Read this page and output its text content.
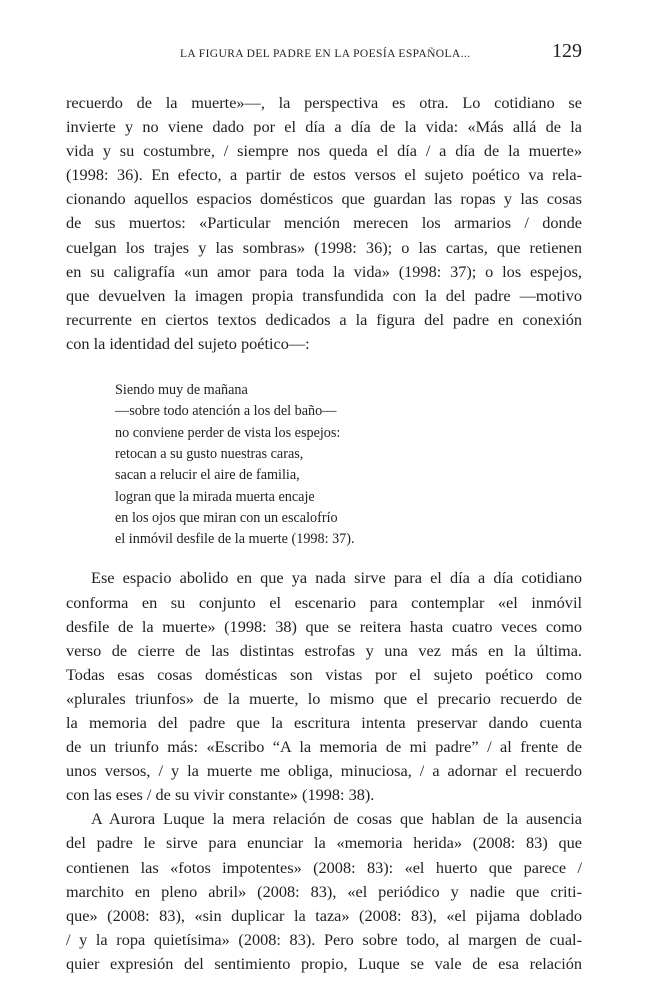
LA FIGURA DEL PADRE EN LA POESÍA ESPAÑOLA...	129
recuerdo de la muerte»—, la perspectiva es otra. Lo cotidiano se
invierte y no viene dado por el día a día de la vida: «Más allá de la
vida y su costumbre, / siempre nos queda el día / a día de la muerte»
(1998: 36). En efecto, a partir de estos versos el sujeto poético va rela-
cionando aquellos espacios domésticos que guardan las ropas y las cosas
de sus muertos: «Particular mención merecen los armarios / donde
cuelgan los trajes y las sombras» (1998: 36); o las cartas, que retienen
en su caligrafía «un amor para toda la vida» (1998: 37); o los espejos,
que devuelven la imagen propia transfundida con la del padre —motivo
recurrente en ciertos textos dedicados a la figura del padre en conexión
con la identidad del sujeto poético—:
Siendo muy de mañana
—sobre todo atención a los del baño—
no conviene perder de vista los espejos:
retocan a su gusto nuestras caras,
sacan a relucir el aire de familia,
logran que la mirada muerta encaje
en los ojos que miran con un escalofrío
el inmóvil desfile de la muerte (1998: 37).
Ese espacio abolido en que ya nada sirve para el día a día cotidiano
conforma en su conjunto el escenario para contemplar «el inmóvil
desfile de la muerte» (1998: 38) que se reitera hasta cuatro veces como
verso de cierre de las distintas estrofas y una vez más en la última.
Todas esas cosas domésticas son vistas por el sujeto poético como
«plurales triunfos» de la muerte, lo mismo que el precario recuerdo de
la memoria del padre que la escritura intenta preservar dando cuenta
de un triunfo más: «Escribo “A la memoria de mi padre” / al frente de
unos versos, / y la muerte me obliga, minuciosa, / a adornar el recuerdo
con las eses / de su vivir constante» (1998: 38).
A Aurora Luque la mera relación de cosas que hablan de la ausencia
del padre le sirve para enunciar la «memoria herida» (2008: 83) que
contienen las «fotos impotentes» (2008: 83): «el huerto que parece /
marchito en pleno abril» (2008: 83), «el periódico y nadie que criti-
que» (2008: 83), «sin duplicar la taza» (2008: 83), «el pijama doblado
/ y la ropa quietísima» (2008: 83). Pero sobre todo, al margen de cual-
quier expresión del sentimiento propio, Luque se vale de esa relación
